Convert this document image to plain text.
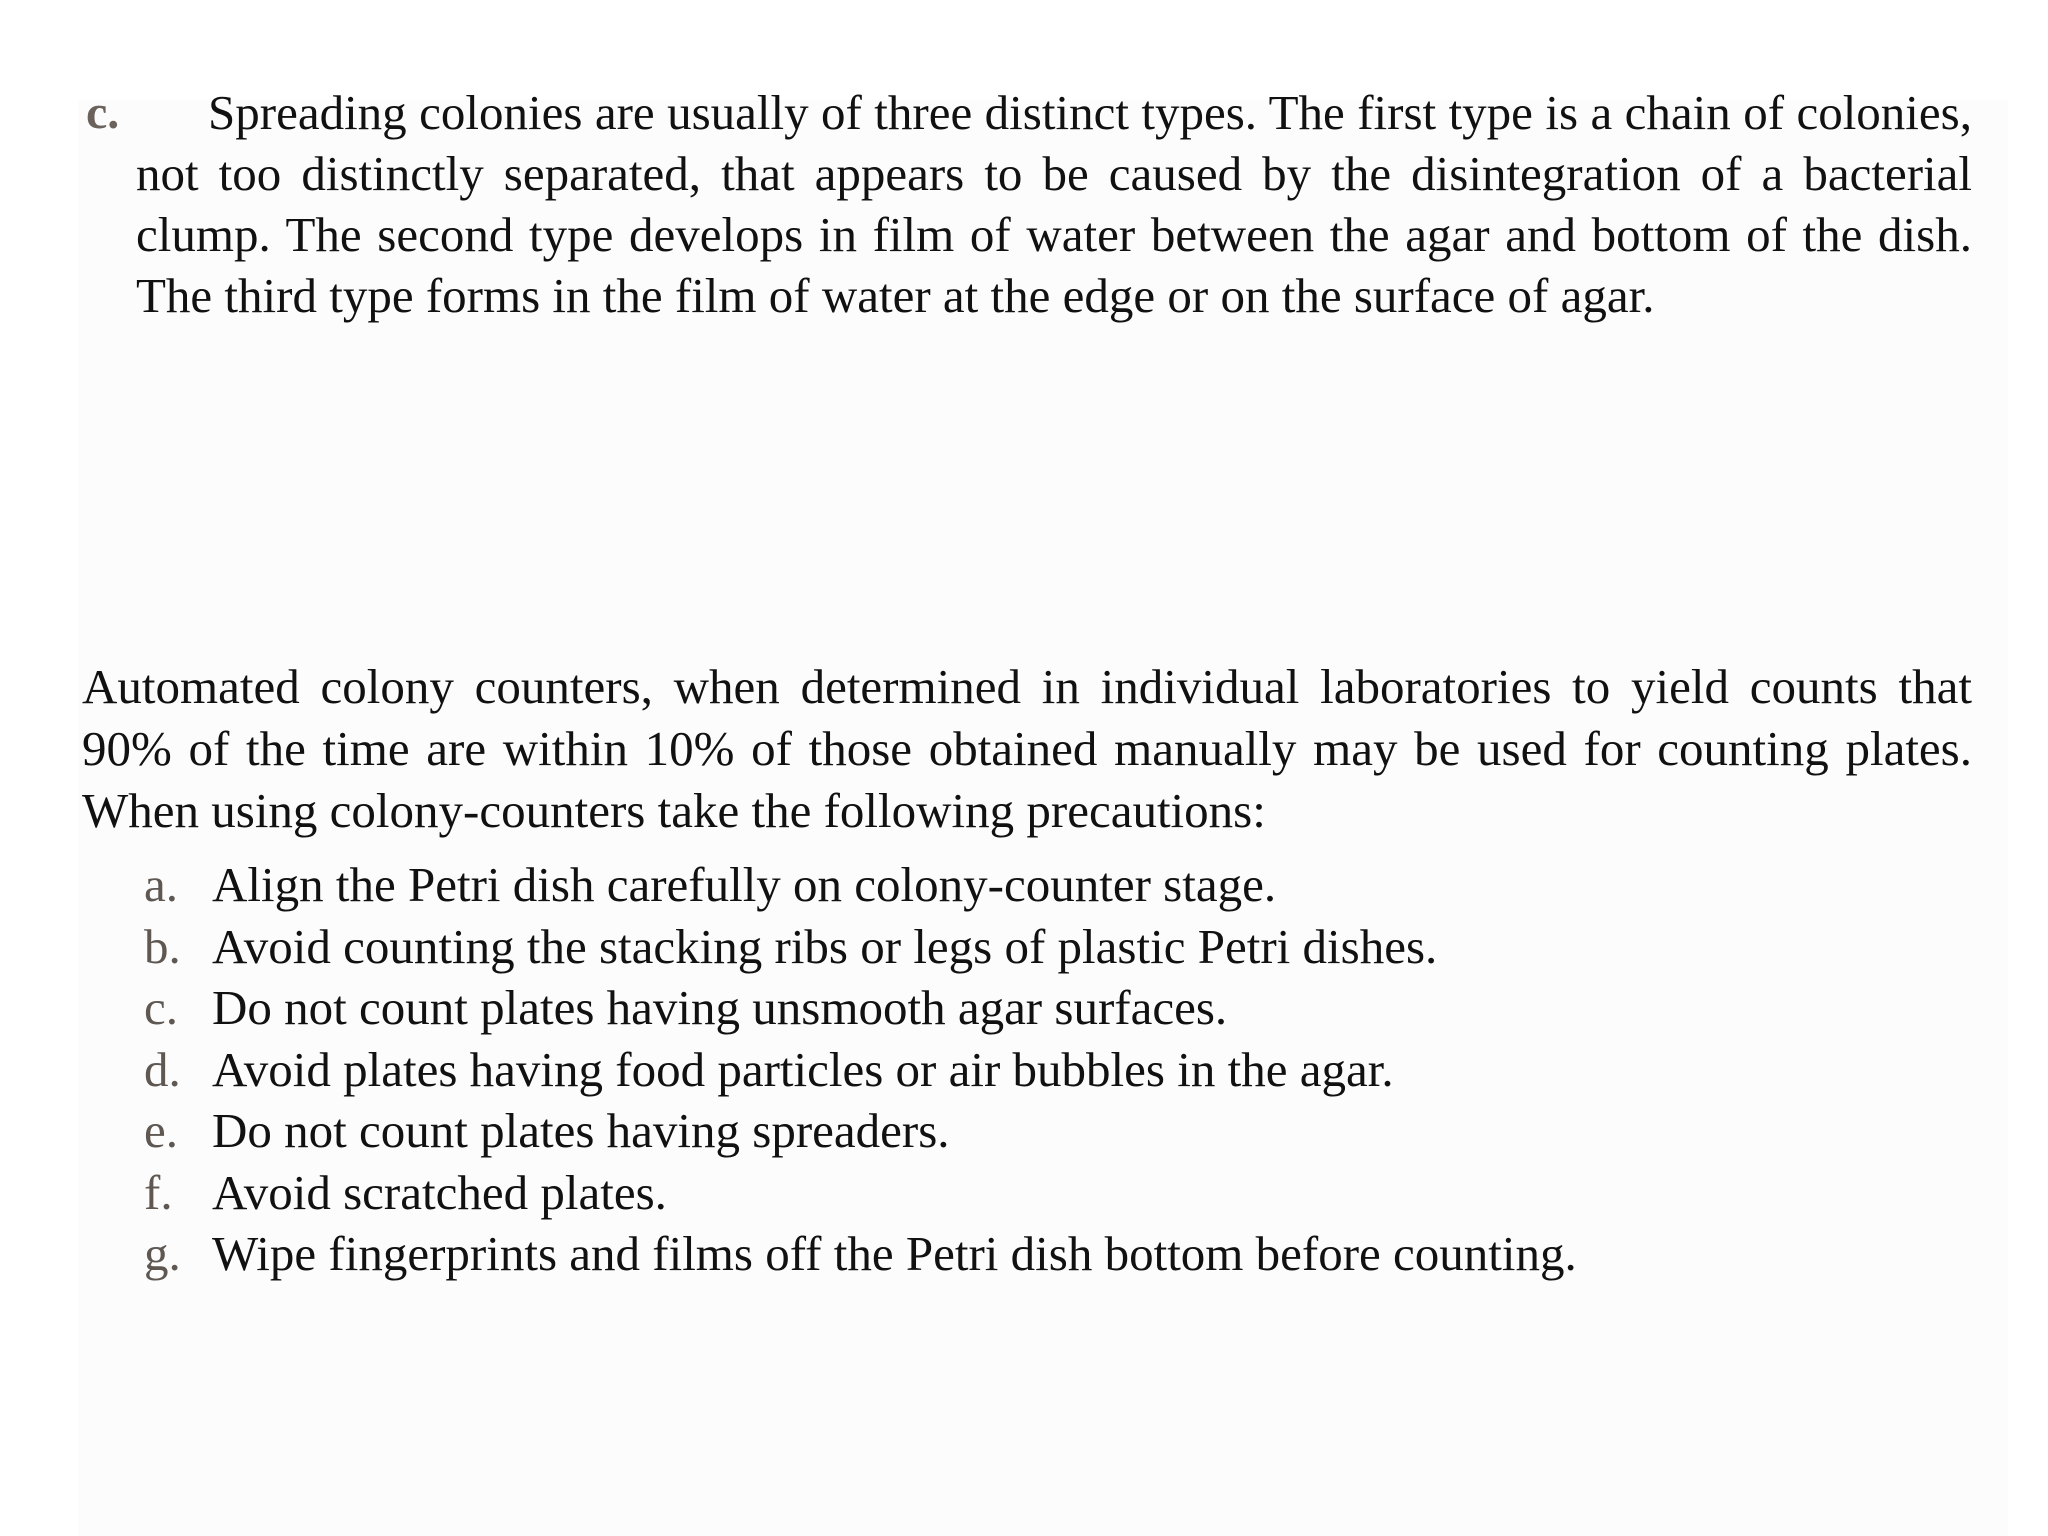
c.	Spreading colonies are usually of three distinct types. The first type is a chain of colonies, not too distinctly separated, that appears to be caused by the disintegration of a bacterial clump. The second type develops in film of water between the agar and bottom of the dish. The third type forms in the film of water at the edge or on the surface of agar.
Automated colony counters, when determined in individual laboratories to yield counts that 90% of the time are within 10% of those obtained manually may be used for counting plates. When using colony-counters take the following precautions:
a. Align the Petri dish carefully on colony-counter stage.
b. Avoid counting the stacking ribs or legs of plastic Petri dishes.
c. Do not count plates having unsmooth agar surfaces.
d. Avoid plates having food particles or air bubbles in the agar.
e. Do not count plates having spreaders.
f. Avoid scratched plates.
g. Wipe fingerprints and films off the Petri dish bottom before counting.
